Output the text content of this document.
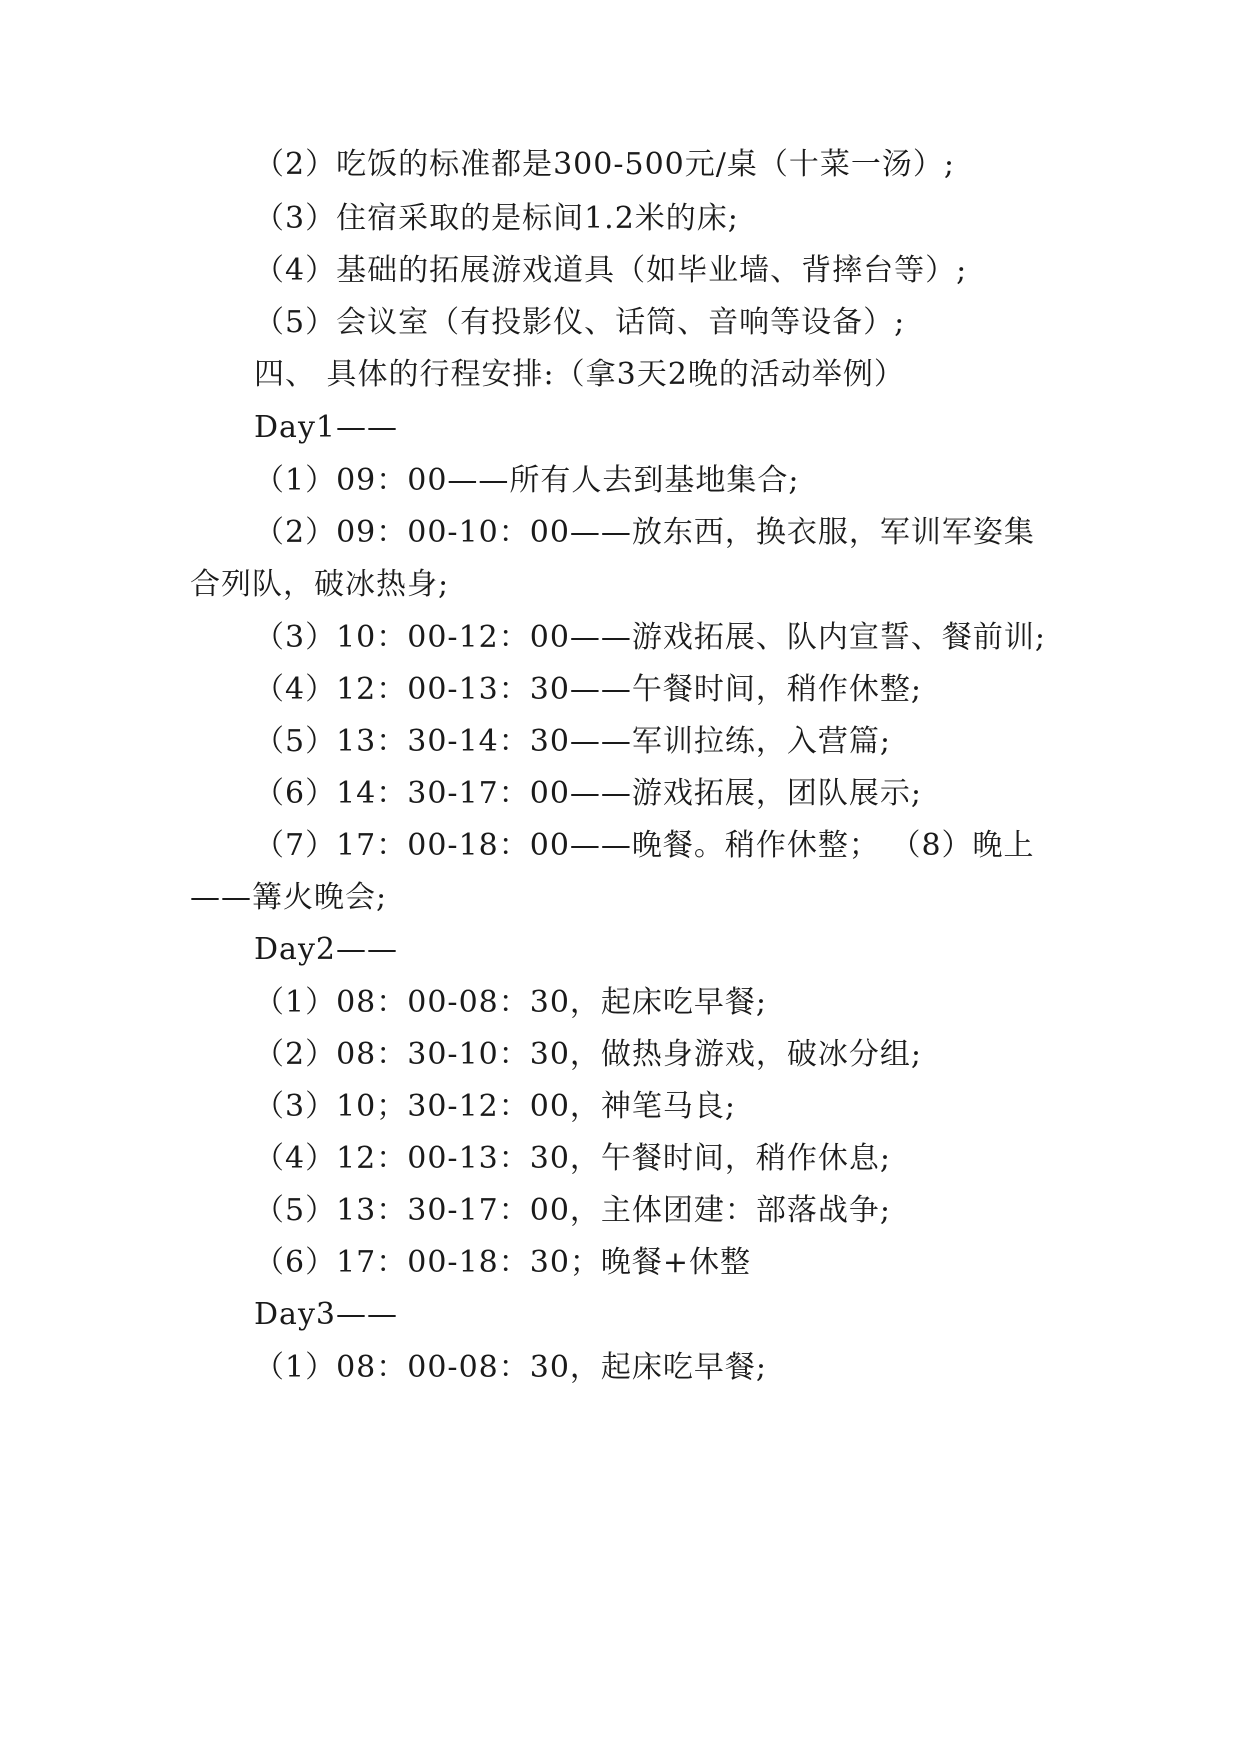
（2）吃饭的标准都是300-500元/桌（十菜一汤）;
（3）住宿采取的是标间1.2米的床;
（4）基础的拓展游戏道具（如毕业墙、背摔台等）;
（5）会议室（有投影仪、话筒、音响等设备）;
四、 具体的行程安排:（拿3天2晚的活动举例）
Day1——
（1）09：00——所有人去到基地集合;
（2）09：00-10：00——放东西，换衣服，军训军姿集
合列队，破冰热身;
（3）10：00-12：00——游戏拓展、队内宣誓、餐前训;
（4）12：00-13：30——午餐时间，稍作休整;
（5）13：30-14：30——军训拉练，入营篇;
（6）14：30-17：00——游戏拓展，团队展示;
（7）17：00-18：00——晚餐。稍作休整； （8）晚上
——篝火晚会;
Day2——
（1）08：00-08：30，起床吃早餐;
（2）08：30-10：30，做热身游戏，破冰分组;
（3）10；30-12：00，神笔马良;
（4）12：00-13：30，午餐时间，稍作休息;
（5）13：30-17：00，主体团建：部落战争;
（6）17：00-18：30；晚餐+休整
Day3——
（1）08：00-08：30，起床吃早餐;
